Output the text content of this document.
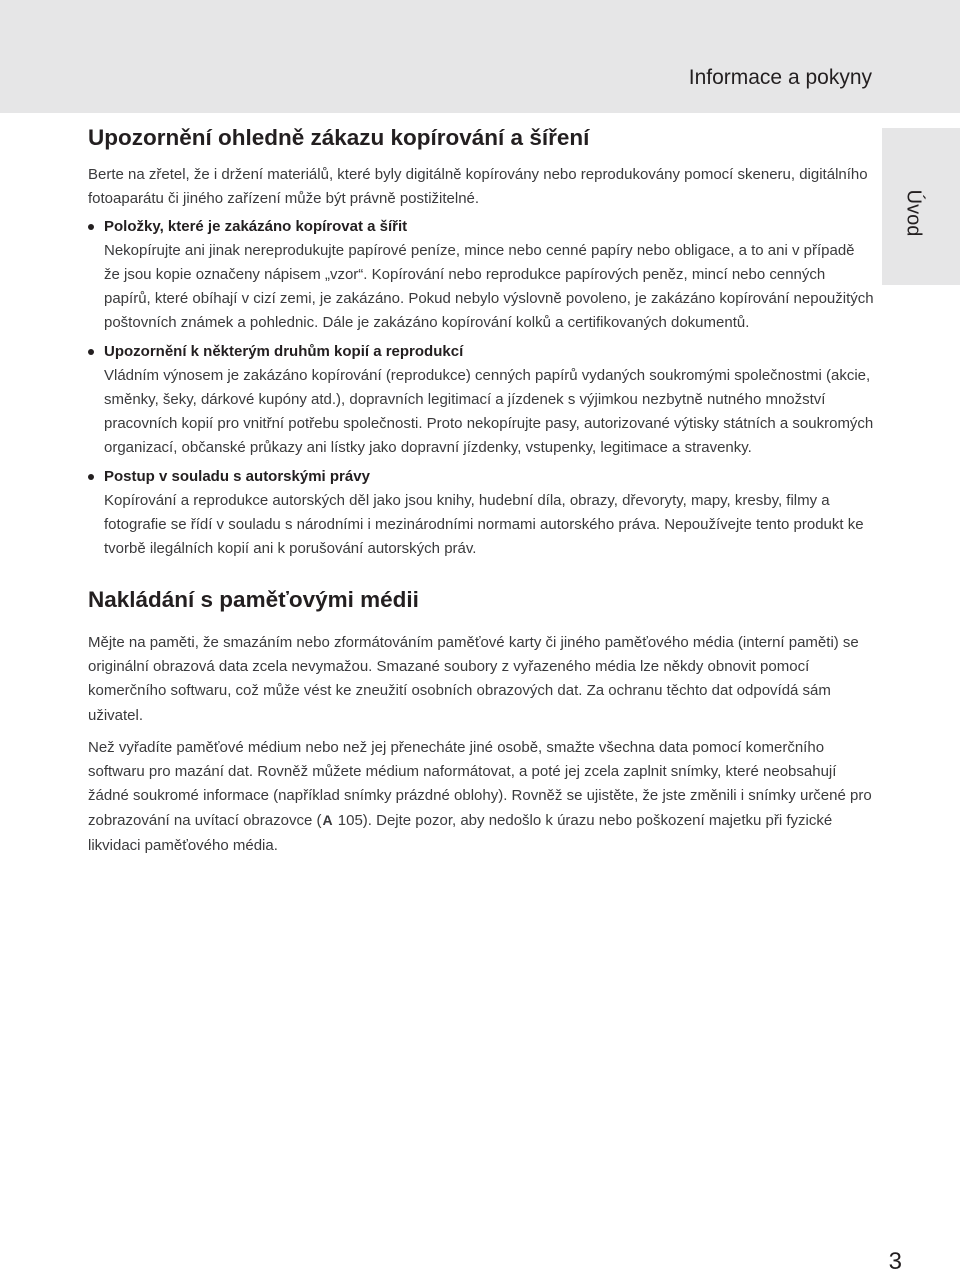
Informace a pokyny
Úvod
Upozornění ohledně zákazu kopírování a šíření

Berte na zřetel, že i držení materiálů, které byly digitálně kopírovány nebo reprodukovány pomocí skeneru, digitálního fotoaparátu či jiného zařízení může být právně postižitelné.

Položky, které je zakázáno kopírovat a šířit
Nekopírujte ani jinak nereprodukujte papírové peníze, mince nebo cenné papíry nebo obligace, a to ani v případě že jsou kopie označeny nápisem „vzor“. Kopírování nebo reprodukce papírových peněz, mincí nebo cenných papírů, které obíhají v cizí zemi, je zakázáno. Pokud nebylo výslovně povoleno, je zakázáno kopírování nepoužitých poštovních známek a pohlednic. Dále je zakázáno kopírování kolků a certifikovaných dokumentů.
Upozornění k některým druhům kopií a reprodukcí
Vládním výnosem je zakázáno kopírování (reprodukce) cenných papírů vydaných soukromými společnostmi (akcie, směnky, šeky, dárkové kupóny atd.), dopravních legitimací a jízdenek s výjimkou nezbytně nutného množství pracovních kopií pro vnitřní potřebu společnosti. Proto nekopírujte pasy, autorizované výtisky státních a soukromých organizací, občanské průkazy ani lístky jako dopravní jízdenky, vstupenky, legitimace a stravenky.
Postup v souladu s autorskými právy
Kopírování a reprodukce autorských děl jako jsou knihy, hudební díla, obrazy, dřevoryty, mapy, kresby, filmy a fotografie se řídí v souladu s národními i mezinárodními normami autorského práva. Nepoužívejte tento produkt ke tvorbě ilegálních kopií ani k porušování autorských práv.
Nakládání s paměťovými médii

Mějte na paměti, že smazáním nebo zformátováním paměťové karty či jiného paměťového média (interní paměti) se originální obrazová data zcela nevymažou. Smazané soubory z vyřazeného média lze někdy obnovit pomocí komerčního softwaru, což může vést ke zneužití osobních obrazových dat. Za ochranu těchto dat odpovídá sám uživatel.

Než vyřadíte paměťové médium nebo než jej přenecháte jiné osobě, smažte všechna data pomocí komerčního softwaru pro mazání dat. Rovněž můžete médium naformátovat, a poté jej zcela zaplnit snímky, které neobsahují žádné soukromé informace (například snímky prázdné oblohy). Rovněž se ujistěte, že jste změnili i snímky určené pro zobrazování na uvítací obrazovce (A 105). Dejte pozor, aby nedošlo k úrazu nebo poškození majetku při fyzické likvidaci paměťového média.

3
